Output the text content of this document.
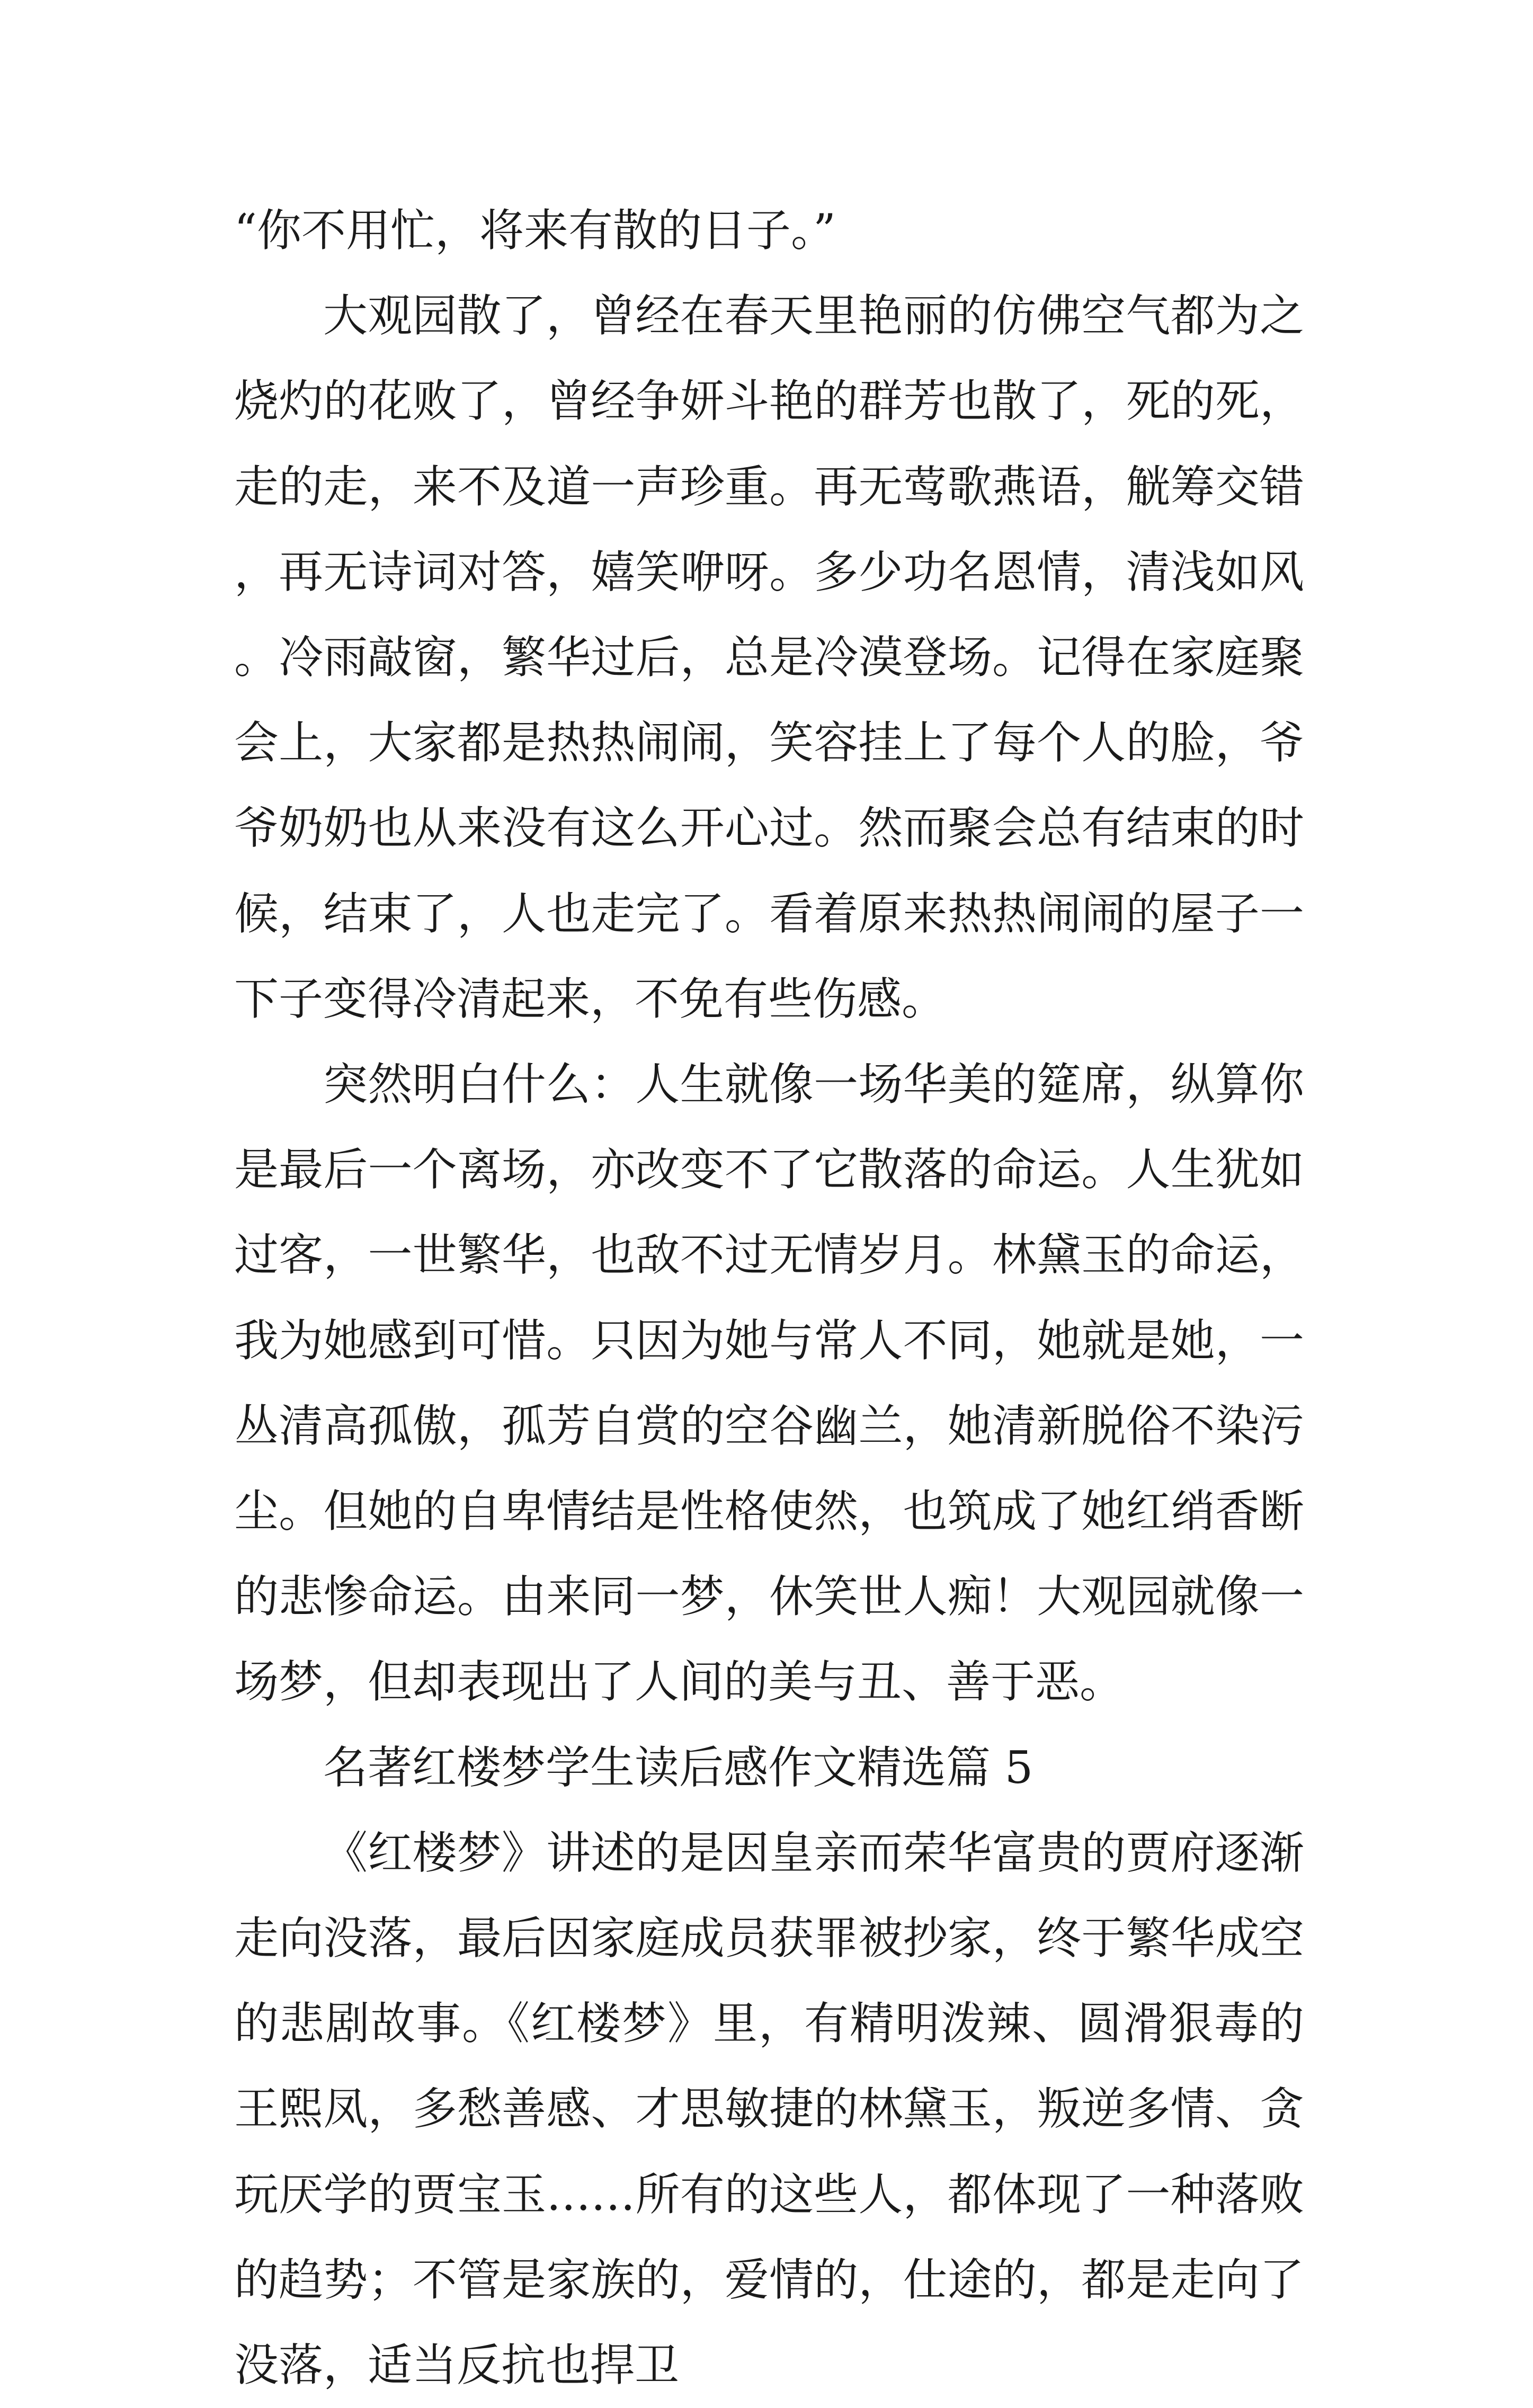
“你不用忙，将来有散的日子。”

大观园散了，曾经在春天里艳丽的仿佛空气都为之烧灼的花败了，曾经争妍斗艳的群芳也散了，死的死，走的走，来不及道一声珍重。再无莺歌燕语，觥筹交错，再无诗词对答，嬉笑咿呀。多少功名恩情，清浅如风。冷雨敲窗，繁华过后，总是冷漠登场。记得在家庭聚会上，大家都是热热闹闹，笑容挂上了每个人的脸，爷爷奶奶也从来没有这么开心过。然而聚会总有结束的时候，结束了，人也走完了。看着原来热热闹闹的屋子一下子变得冷清起来，不免有些伤感。

突然明白什么：人生就像一场华美的筵席，纵算你是最后一个离场，亦改变不了它散落的命运。人生犹如过客，一世繁华，也敌不过无情岁月。林黛玉的命运，我为她感到可惜。只因为她与常人不同，她就是她，一丛清高孤傲，孤芳自赏的空谷幽兰，她清新脱俗不染污尘。但她的自卑情结是性格使然，也筑成了她红绡香断的悲惨命运。由来同一梦，休笑世人痴！大观园就像一场梦，但却表现出了人间的美与丑、善于恶。

名著红楼梦学生读后感作文精选篇 5

《红楼梦》讲述的是因皇亲而荣华富贵的贾府逐渐走向没落，最后因家庭成员获罪被抄家，终于繁华成空的悲剧故事。《红楼梦》里，有精明泼辣、圆滑狠毒的王熙凤，多愁善感、才思敏捷的林黛玉，叛逆多情、贪玩厌学的贾宝玉……所有的这些人，都体现了一种落败的趋势；不管是家族的，爱情的，仕途的，都是走向了没落，适当反抗也捍卫
